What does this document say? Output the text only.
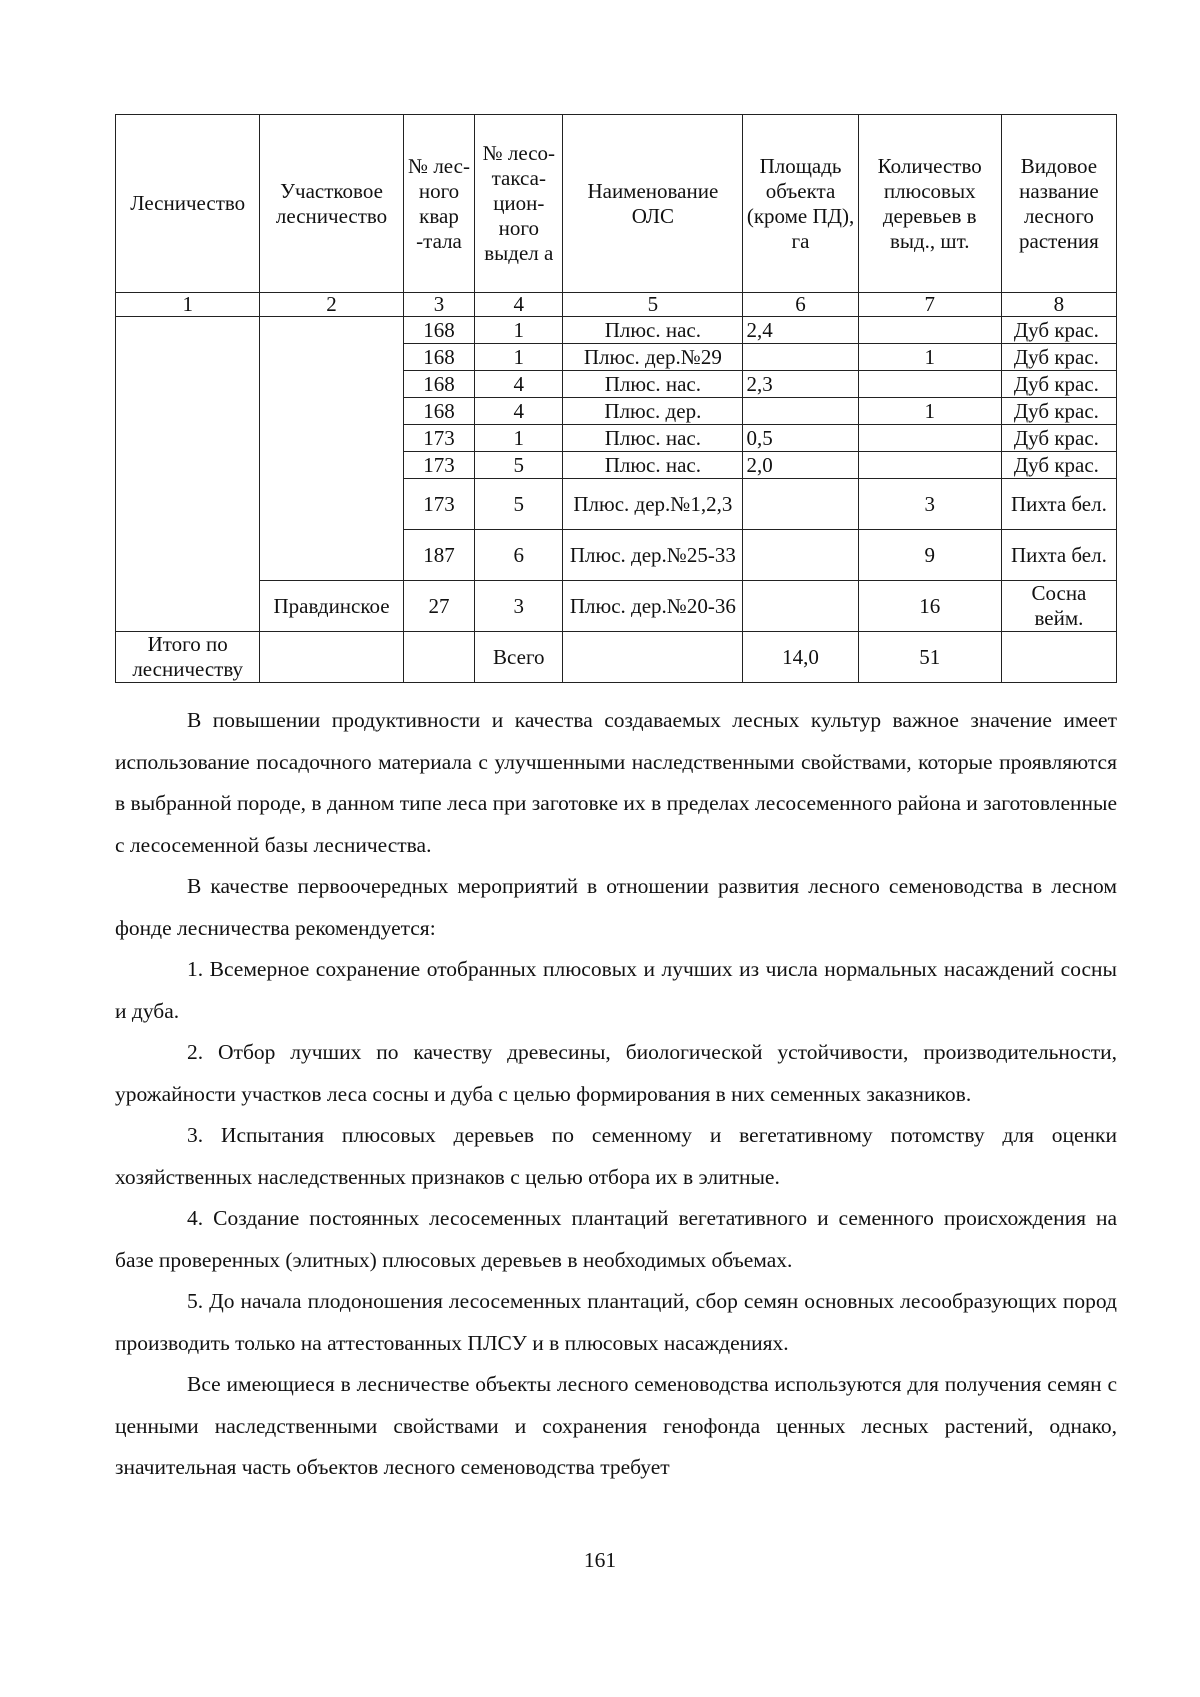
Лесничество	Участковое лесничество	№ лес-ного квар -тала	№ лесо-такса-цион-ного выдел а	Наименование ОЛС	Площадь объекта (кроме ПД), га	Количество плюсовых деревьев в выд., шт.	Видовое название лесного растения
1	2	3	4	5	6	7	8
		168	1	Плюс. нас.	2,4		Дуб крас.
		168	1	Плюс. дер.№29		1	Дуб крас.
		168	4	Плюс. нас.	2,3		Дуб крас.
		168	4	Плюс. дер.		1	Дуб крас.
		173	1	Плюс. нас.	0,5		Дуб крас.
		173	5	Плюс. нас.	2,0		Дуб крас.
		173	5	Плюс. дер.№1,2,3		3	Пихта бел.
		187	6	Плюс. дер.№25-33		9	Пихта бел.
	Правдинское	27	3	Плюс. дер.№20-36		16	Сосна вейм.
Итого по лесничеству			Всего		14,0	51	

В повышении продуктивности и качества создаваемых лесных культур важное значение имеет использование посадочного материала с улучшенными наследственными свойствами, которые проявляются в выбранной породе, в данном типе леса при заготовке их в пределах лесосеменного района и заготовленные с лесосеменной базы лесничества.

В качестве первоочередных мероприятий в отношении развития лесного семеноводства в лесном фонде лесничества рекомендуется:

1. Всемерное сохранение отобранных плюсовых и лучших из числа нормальных насаждений сосны и дуба.

2. Отбор лучших по качеству древесины, биологической устойчивости, производительности, урожайности участков леса сосны и дуба с целью формирования в них семенных заказников.

3. Испытания плюсовых деревьев по семенному и вегетативному потомству для оценки хозяйственных наследственных признаков с целью отбора их в элитные.

4. Создание постоянных лесосеменных плантаций вегетативного и семенного происхождения на базе проверенных (элитных) плюсовых деревьев в необходимых объемах.

5. До начала плодоношения лесосеменных плантаций, сбор семян основных лесообразующих пород производить только на аттестованных ПЛСУ и в плюсовых насаждениях.

Все имеющиеся в лесничестве объекты лесного семеноводства используются для получения семян с ценными наследственными свойствами и сохранения генофонда ценных лесных растений, однако, значительная часть объектов лесного семеноводства требует

161
